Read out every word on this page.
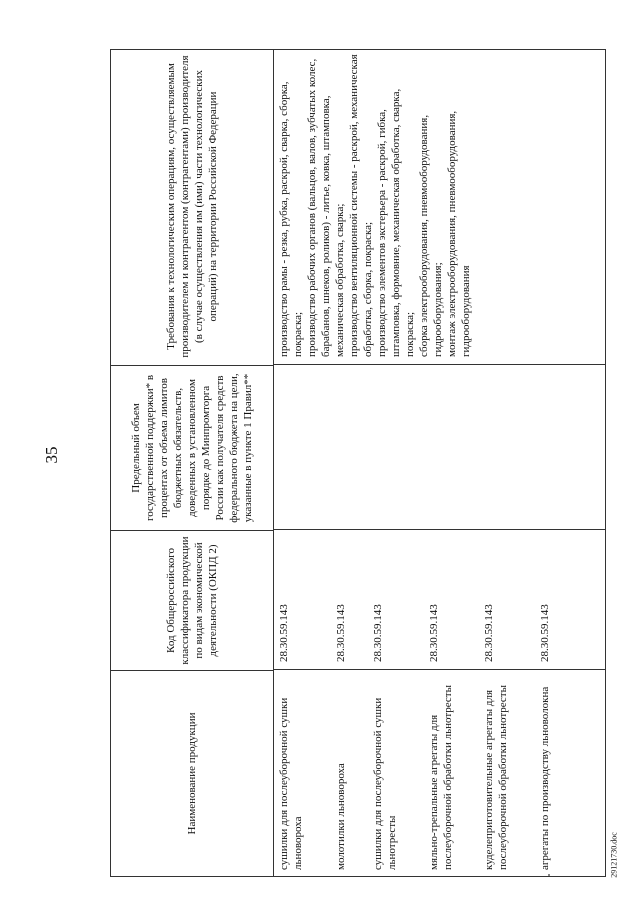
35
Наименование продукции
Код Общероссийского классификатора продукции по видам экономической деятельности (ОКПД 2)
Предельный объем государственной поддержки* в процентах от объема лимитов бюджетных обязательств, доведенных в установленном порядке до Минпромторга России как получателя средств федерального бюджета на цели, указанные в пункте 1 Правил**
Требования к технологическим операциям, осуществляемым производителем и контрагентом (контрагентами) производителя (в случае осуществления им (ими) части технологических операций) на территории Российской Федерации
сушилки для послеуборочной сушки льновороха
28.30.59.143
молотилки льновороха
28.30.59.143
сушилки для послеуборочной сушки льнотресты
28.30.59.143
мяльно-трепальные агрегаты для послеуборочной обработки льнотресты
28.30.59.143
куделеприготовительные агрегаты для послеуборочной обработки льнотресты
28.30.59.143
агрегаты по производству льноволокна
28.30.59.143
производство рамы - резка, рубка, раскрой, сварка, сборка, покраска; производство рабочих органов (вальцов, валов, зубчатых колес, барабанов, шнеков, роликов) - литье, ковка, штамповка, механическая обработка, сварка; производство вентиляционной системы - раскрой, механическая обработка, сборка, покраска; производство элементов экстерьера - раскрой, гибка, штамповка, формовние, механическая обработка, сварка, покраска; сборка электрооборудования, пневмооборудования, гидрооборудования; монтаж электрооборудования, пневмооборудования, гидрооборудования
29121730.doc
